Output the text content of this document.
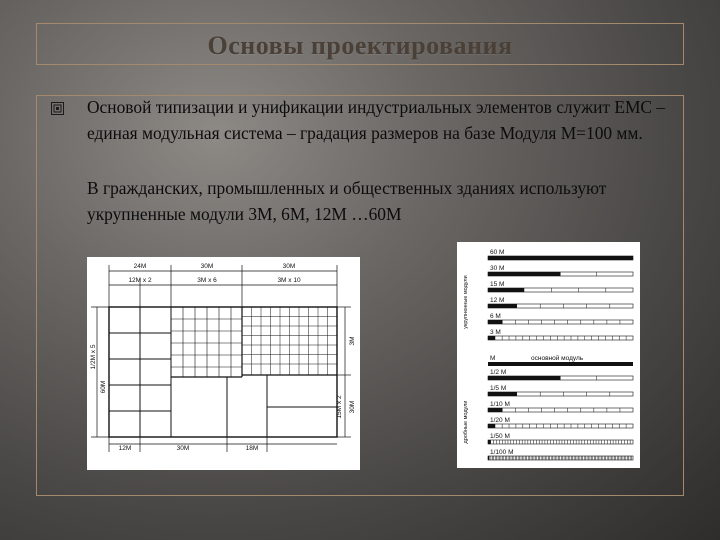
Основы проектирования
Основой типизации и унификации индустриальных элементов служит ЕМС – единая модульная система – градация размеров на базе Модуля М=100 мм.
В гражданских, промышленных и общественных зданиях используют укрупненные модули 3М, 6М, 12М …60М
24М	30М	30М
12М х 2	3М х 6	3М х 10
12М	30М	18М
3М
15М х 2 30М
1/2М х 5
60М
укрупненные модули
дробные модули
М	основной модуль
60 М
30 М
15 М
12 М
6 М
3 М
1/2 М
1/5 М
1/10 М
1/20 М
1/50 М
1/100 М
